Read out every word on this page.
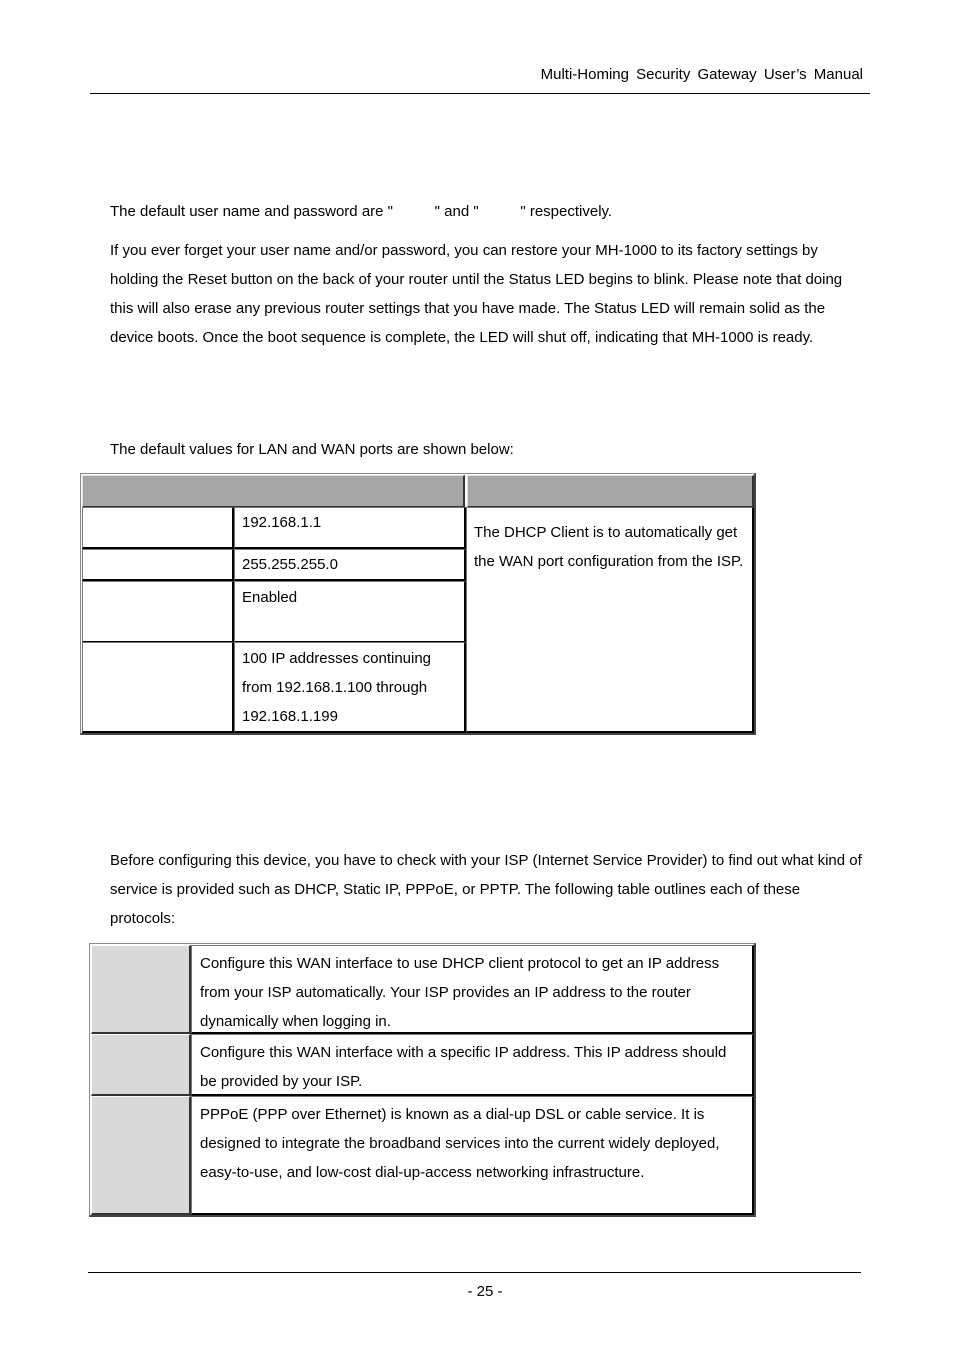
Multi-Homing Security Gateway User’s Manual
The default user name and password are "          " and "          " respectively.
If you ever forget your user name and/or password, you can restore your MH-1000 to its factory settings by holding the Reset button on the back of your router until the Status LED begins to blink. Please note that doing this will also erase any previous router settings that you have made. The Status LED will remain solid as the device boots. Once the boot sequence is complete, the LED will shut off, indicating that MH-1000 is ready.
The default values for LAN and WAN ports are shown below:
192.168.1.1
255.255.255.0
Enabled
100 IP addresses continuing from 192.168.1.100 through 192.168.1.199
The DHCP Client is to automatically get the WAN port configuration from the ISP.
Before configuring this device, you have to check with your ISP (Internet Service Provider) to find out what kind of service is provided such as DHCP, Static IP, PPPoE, or PPTP. The following table outlines each of these protocols:
Configure this WAN interface to use DHCP client protocol to get an IP address from your ISP automatically. Your ISP provides an IP address to the router dynamically when logging in.
Configure this WAN interface with a specific IP address. This IP address should be provided by your ISP.
PPPoE (PPP over Ethernet) is known as a dial-up DSL or cable service. It is designed to integrate the broadband services into the current widely deployed, easy-to-use, and low-cost dial-up-access networking infrastructure.
- 25 -
